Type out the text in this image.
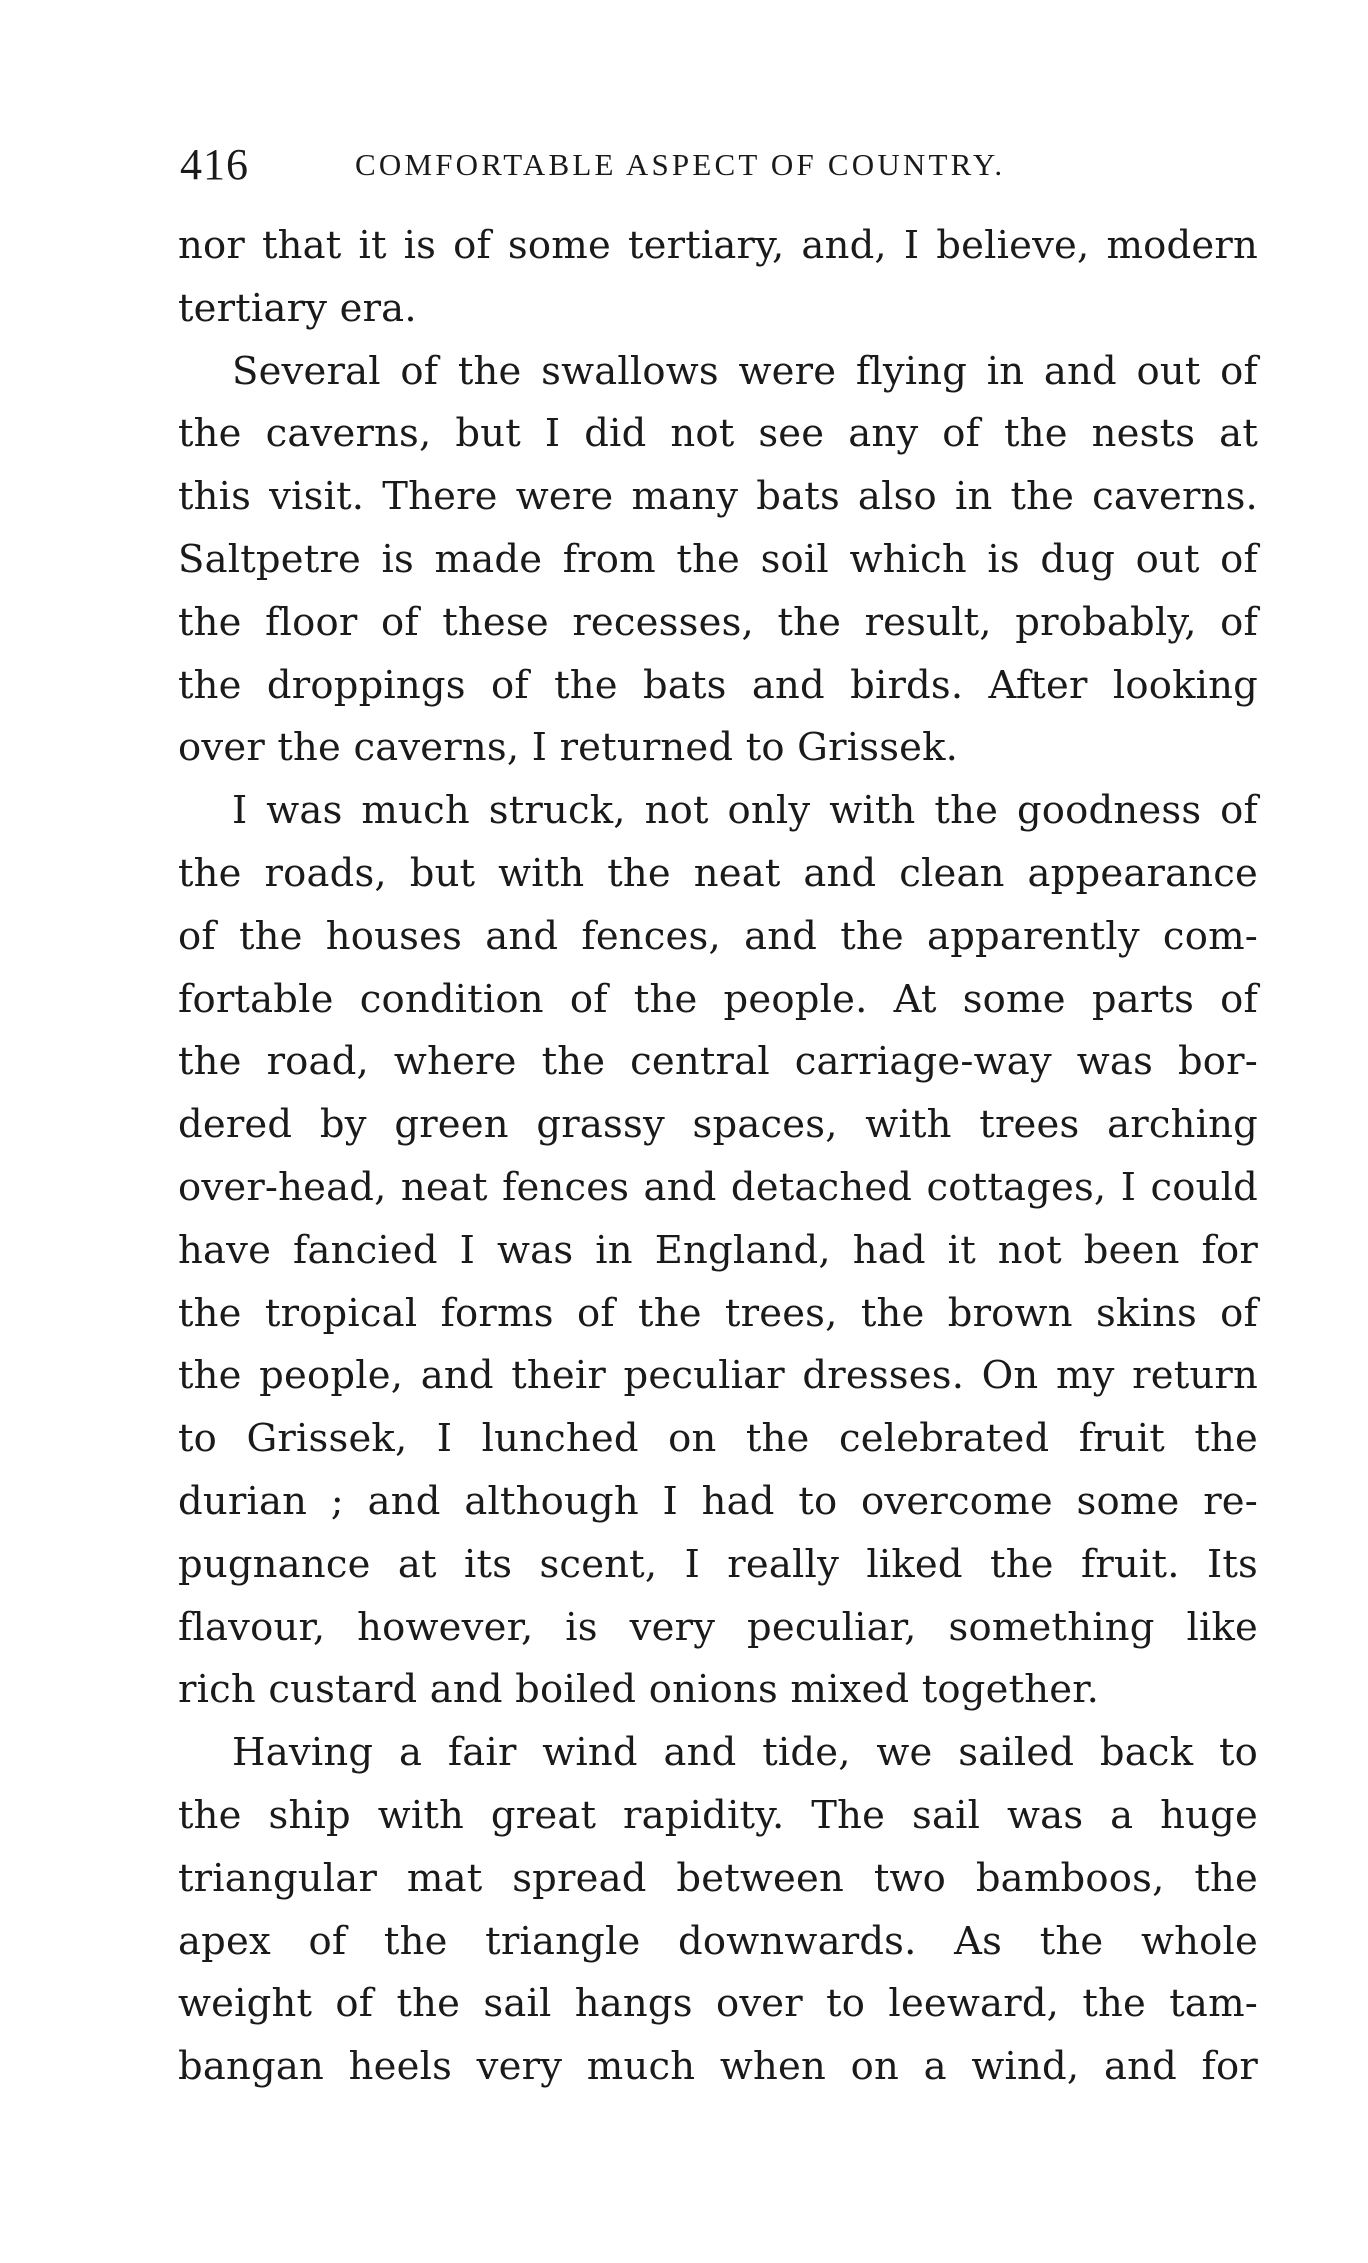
416	COMFORTABLE ASPECT OF COUNTRY.
nor that it is of some tertiary, and, I believe, modern
tertiary era.
Several of the swallows were flying in and out of
the caverns, but I did not see any of the nests at
this visit. There were many bats also in the caverns.
Saltpetre is made from the soil which is dug out of
the floor of these recesses, the result, probably, of
the droppings of the bats and birds. After looking
over the caverns, I returned to Grissek.
I was much struck, not only with the goodness of
the roads, but with the neat and clean appearance
of the houses and fences, and the apparently com-
fortable condition of the people. At some parts of
the road, where the central carriage-way was bor-
dered by green grassy spaces, with trees arching
over-head, neat fences and detached cottages, I could
have fancied I was in England, had it not been for
the tropical forms of the trees, the brown skins of
the people, and their peculiar dresses. On my return
to Grissek, I lunched on the celebrated fruit the
durian ; and although I had to overcome some re-
pugnance at its scent, I really liked the fruit. Its
flavour, however, is very peculiar, something like
rich custard and boiled onions mixed together.
Having a fair wind and tide, we sailed back to
the ship with great rapidity. The sail was a huge
triangular mat spread between two bamboos, the
apex of the triangle downwards. As the whole
weight of the sail hangs over to leeward, the tam-
bangan heels very much when on a wind, and for
